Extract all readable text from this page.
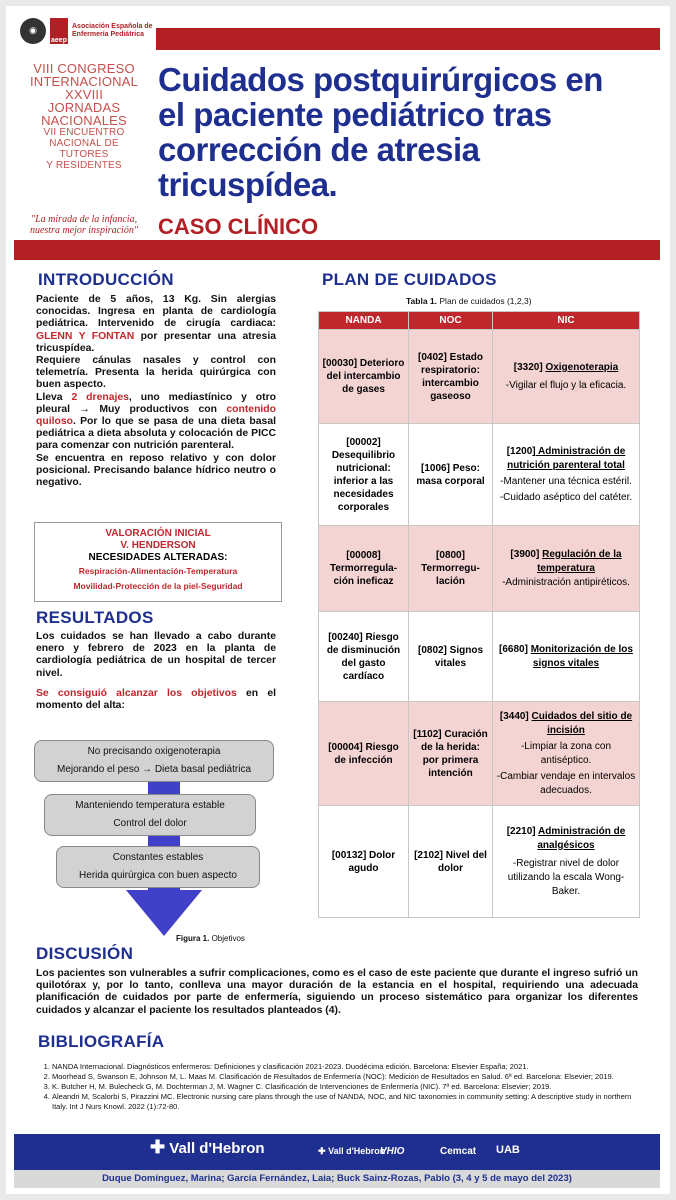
◉
aeep
Asociación Española de Enfermería Pediátrica
VIII CONGRESO
INTERNACIONAL
XXVIII
JORNADAS
NACIONALES
VII ENCUENTRO
NACIONAL DE
TUTORES
Y RESIDENTES
"La mirada de la infancia,
nuestra mejor inspiración"
Cuidados postquirúrgicos en
el paciente pediátrico tras
corrección de atresia
tricuspídea.
CASO CLÍNICO
INTRODUCCIÓN

Paciente de 5 años, 13 Kg. Sin alergias conocidas. Ingresa en planta de cardiología pediátrica. Intervenido de cirugía cardiaca: GLENN Y FONTAN por presentar una atresia tricuspídea.

Requiere cánulas nasales y control con telemetría. Presenta la herida quirúrgica con buen aspecto.

Lleva 2 drenajes, uno mediastínico y otro pleural → Muy productivos con contenido quiloso. Por lo que se pasa de una dieta basal pediátrica a dieta absoluta y colocación de PICC para comenzar con nutrición parenteral.

Se encuentra en reposo relativo y con dolor posicional. Precisando balance hídrico neutro o negativo.

VALORACIÓN INICIAL
V. HENDERSON
NECESIDADES ALTERADAS:
Respiración-Alimentación-Temperatura
Movilidad-Protección de la piel-Seguridad
RESULTADOS

Los cuidados se han llevado a cabo durante enero y febrero de 2023 en la planta de cardiología pediátrica de un hospital de tercer nivel.

Se consiguió alcanzar los objetivos en el momento del alta:

No precisando oxigenoterapia
Mejorando el peso → Dieta basal pediátrica
Manteniendo temperatura estable
Control del dolor
Constantes estables
Herida quirúrgica con buen aspecto
Figura 1. Objetivos
PLAN DE CUIDADOS
Tabla 1. Plan de cuidados (1,2,3)
NANDA	NOC	NIC
[00030] Deterioro del intercambio de gases	[0402] Estado respiratorio: intercambio gaseoso	[3320] Oxigenoterapia
-Vigilar el flujo y la eficacia.

[00002] Desequilibrio nutricional: inferior a las necesidades corporales	[1006] Peso: masa corporal	[1200] Administración de nutrición parenteral total
-Mantener una técnica estéril.
-Cuidado aséptico del catéter.

[00008] Termorregula-ción ineficaz	[0800] Termorregu-lación	[3900] Regulación de la temperatura
-Administración antipiréticos.

[00240] Riesgo de disminución del gasto cardíaco	[0802] Signos vitales	[6680] Monitorización de los signos vitales

[00004] Riesgo de infección	[1102] Curación de la herida: por primera intención	[3440] Cuidados del sitio de incisión
-Limpiar la zona con antiséptico.
-Cambiar vendaje en intervalos adecuados.

[00132] Dolor agudo	[2102] Nivel del dolor	[2210] Administración de analgésicos
-Registrar nivel de dolor utilizando la escala Wong-Baker.
DISCUSIÓN
Los pacientes son vulnerables a sufrir complicaciones, como es el caso de este paciente que durante el ingreso sufrió un quilotórax y, por lo tanto, conlleva una mayor duración de la estancia en el hospital, requiriendo una adecuada planificación de cuidados por parte de enfermería, siguiendo un proceso sistemático para organizar los diferentes cuidados y alcanzar el paciente los resultados planteados (4).
BIBLIOGRAFÍA
1. NANDA Internacional. Diagnósticos enfermeros: Definiciones y clasificación 2021-2023. Duodécima edición. Barcelona: Elsevier España; 2021.
2. Moorhead S, Swanson E, Johnson M, L. Maas M. Clasificación de Resultados de Enfermería (NOC): Medición de Resultados en Salud. 6ª ed. Barcelona: Elsevier; 2019.
3. K. Butcher H, M. Bulecheck G, M. Dochterman J, M. Wagner C. Clasificación de Intervenciones de Enfermería (NIC). 7ª ed. Barcelona: Elsevier; 2019.
4. Aleandri M, Scalorbi S, Pirazzini MC. Electronic nursing care plans through the use of NANDA, NOC, and NIC taxonomies in community setting: A descriptive study in northern Italy. Int J Nurs Knowl. 2022 (1):72-80.
✚ Vall d'Hebron	✚ Vall d'Hebron
VHIO	Cemcat UAB
Duque Domínguez, Marina; García Fernández, Laia; Buck Sainz-Rozas, Pablo (3, 4 y 5 de mayo del 2023)
